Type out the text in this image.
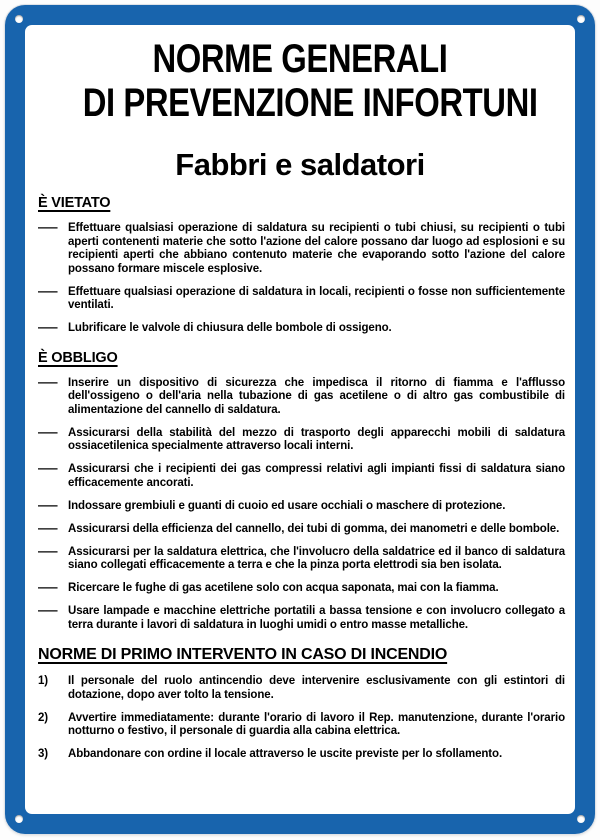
NORME GENERALI
DI PREVENZIONE INFORTUNI
Fabbri e saldatori
È VIETATO
— Effettuare qualsiasi operazione di saldatura su recipienti o tubi chiusi, su recipienti o tubi aperti contenenti materie che sotto l'azione del calore possano dar luogo ad esplosioni e su recipienti aperti che abbiano contenuto materie che evaporando sotto l'azione del calore possano formare miscele esplosive.
— Effettuare qualsiasi operazione di saldatura in locali, recipienti o fosse non sufficientemente ventilati.
— Lubrificare le valvole di chiusura delle bombole di ossigeno.
È OBBLIGO
— Inserire un dispositivo di sicurezza che impedisca il ritorno di fiamma e l'afflusso dell'ossigeno o dell'aria nella tubazione di gas acetilene o di altro gas combustibile di alimentazione del cannello di saldatura.
— Assicurarsi della stabilità del mezzo di trasporto degli apparecchi mobili di saldatura ossiacetilenica specialmente attraverso locali interni.
— Assicurarsi che i recipienti dei gas compressi relativi agli impianti fissi di saldatura siano efficacemente ancorati.
— Indossare grembiuli e guanti di cuoio ed usare occhiali o maschere di protezione.
— Assicurarsi della efficienza del cannello, dei tubi di gomma, dei manometri e delle bombole.
— Assicurarsi per la saldatura elettrica, che l'involucro della saldatrice ed il banco di saldatura siano collegati efficacemente a terra e che la pinza porta elettrodi sia ben isolata.
— Ricercare le fughe di gas acetilene solo con acqua saponata, mai con la fiamma.
— Usare lampade e macchine elettriche portatili a bassa tensione e con involucro collegato a terra durante i lavori di saldatura in luoghi umidi o entro masse metalliche.
NORME DI PRIMO INTERVENTO IN CASO DI INCENDIO
1) Il personale del ruolo antincendio deve intervenire esclusivamente con gli estintori di dotazione, dopo aver tolto la tensione.
2) Avvertire immediatamente: durante l'orario di lavoro il Rep. manutenzione, durante l'orario notturno o festivo, il personale di guardia alla cabina elettrica.
3) Abbandonare con ordine il locale attraverso le uscite previste per lo sfollamento.
